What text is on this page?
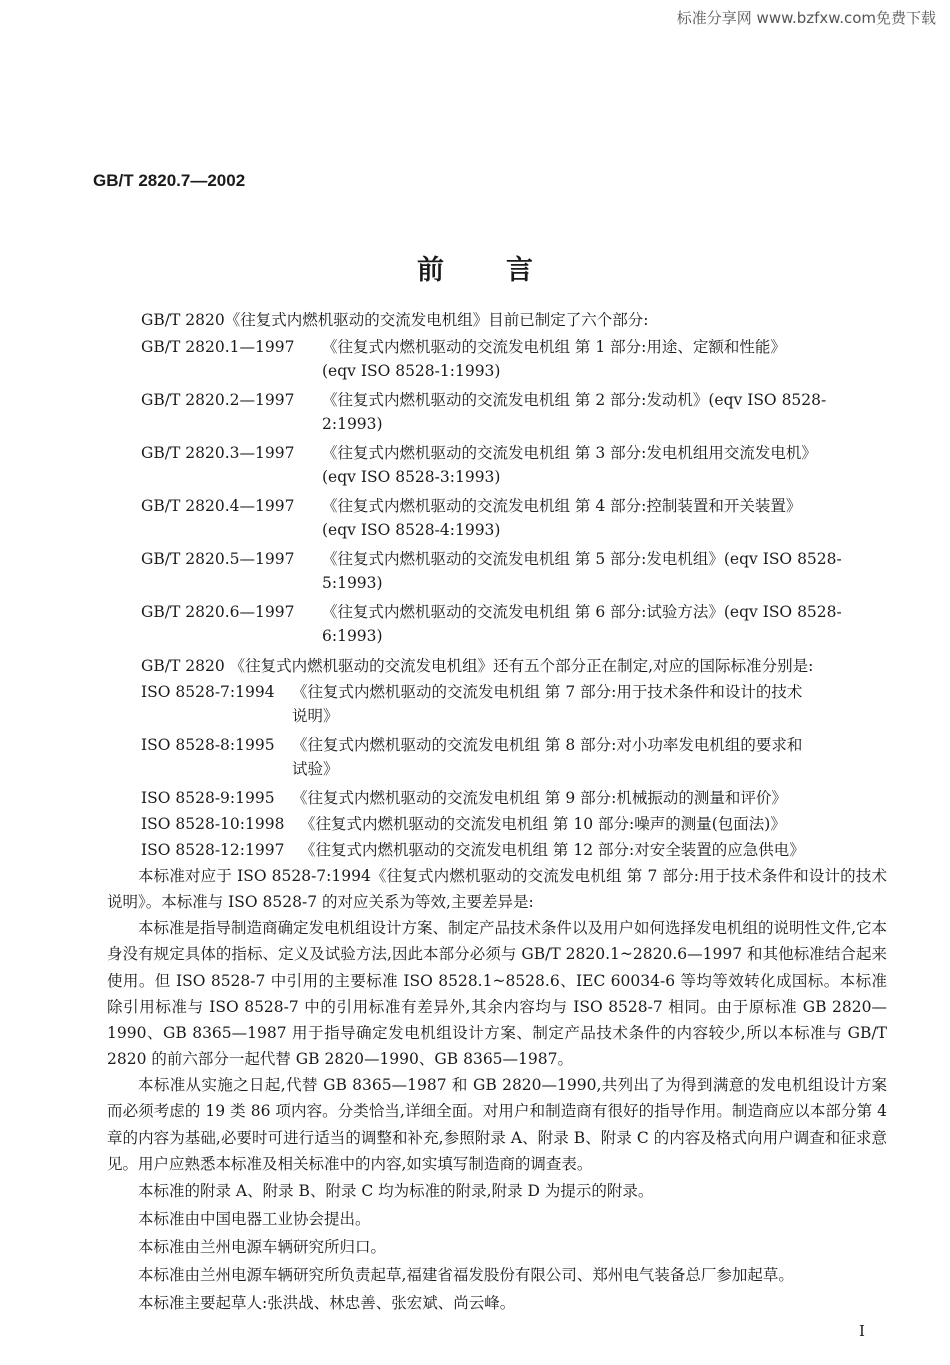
标准分享网 www.bzfxw.com免费下载
GB/T 2820.7—2002
前言
GB/T 2820《往复式内燃机驱动的交流发电机组》目前已制定了六个部分:
GB/T 2820.1—1997 《往复式内燃机驱动的交流发电机组 第 1 部分:用途、定额和性能》
(eqv ISO 8528-1:1993)
GB/T 2820.2—1997 《往复式内燃机驱动的交流发电机组 第 2 部分:发动机》(eqv ISO 8528-
2:1993)
GB/T 2820.3—1997 《往复式内燃机驱动的交流发电机组 第 3 部分:发电机组用交流发电机》
(eqv ISO 8528-3:1993)
GB/T 2820.4—1997 《往复式内燃机驱动的交流发电机组 第 4 部分:控制装置和开关装置》
(eqv ISO 8528-4:1993)
GB/T 2820.5—1997 《往复式内燃机驱动的交流发电机组 第 5 部分:发电机组》(eqv ISO 8528-
5:1993)
GB/T 2820.6—1997 《往复式内燃机驱动的交流发电机组 第 6 部分:试验方法》(eqv ISO 8528-
6:1993)
GB/T 2820 《往复式内燃机驱动的交流发电机组》还有五个部分正在制定,对应的国际标准分别是:
ISO 8528-7:1994 《往复式内燃机驱动的交流发电机组 第 7 部分:用于技术条件和设计的技术
说明》
ISO 8528-8:1995 《往复式内燃机驱动的交流发电机组 第 8 部分:对小功率发电机组的要求和
试验》
ISO 8528-9:1995 《往复式内燃机驱动的交流发电机组 第 9 部分:机械振动的测量和评价》
ISO 8528-10:1998 《往复式内燃机驱动的交流发电机组 第 10 部分:噪声的测量(包面法)》
ISO 8528-12:1997 《往复式内燃机驱动的交流发电机组 第 12 部分:对安全装置的应急供电》
本标准对应于 ISO 8528-7:1994《往复式内燃机驱动的交流发电机组 第 7 部分:用于技术条件和设计的技术说明》。本标准与 ISO 8528-7 的对应关系为等效,主要差异是:
本标准是指导制造商确定发电机组设计方案、制定产品技术条件以及用户如何选择发电机组的说明性文件,它本身没有规定具体的指标、定义及试验方法,因此本部分必须与 GB/T 2820.1~2820.6—1997 和其他标准结合起来使用。但 ISO 8528-7 中引用的主要标准 ISO 8528.1~8528.6、IEC 60034-6 等均等效转化成国标。本标准除引用标准与 ISO 8528-7 中的引用标准有差异外,其余内容均与 ISO 8528-7 相同。由于原标准 GB 2820—1990、GB 8365—1987 用于指导确定发电机组设计方案、制定产品技术条件的内容较少,所以本标准与 GB/T 2820 的前六部分一起代替 GB 2820—1990、GB 8365—1987。
本标准从实施之日起,代替 GB 8365—1987 和 GB 2820—1990,共列出了为得到满意的发电机组设计方案而必须考虑的 19 类 86 项内容。分类恰当,详细全面。对用户和制造商有很好的指导作用。制造商应以本部分第 4 章的内容为基础,必要时可进行适当的调整和补充,参照附录 A、附录 B、附录 C 的内容及格式向用户调查和征求意见。用户应熟悉本标准及相关标准中的内容,如实填写制造商的调查表。
本标准的附录 A、附录 B、附录 C 均为标准的附录,附录 D 为提示的附录。
本标准由中国电器工业协会提出。
本标准由兰州电源车辆研究所归口。
本标准由兰州电源车辆研究所负责起草,福建省福发股份有限公司、郑州电气装备总厂参加起草。
本标准主要起草人:张洪战、林忠善、张宏斌、尚云峰。
I
